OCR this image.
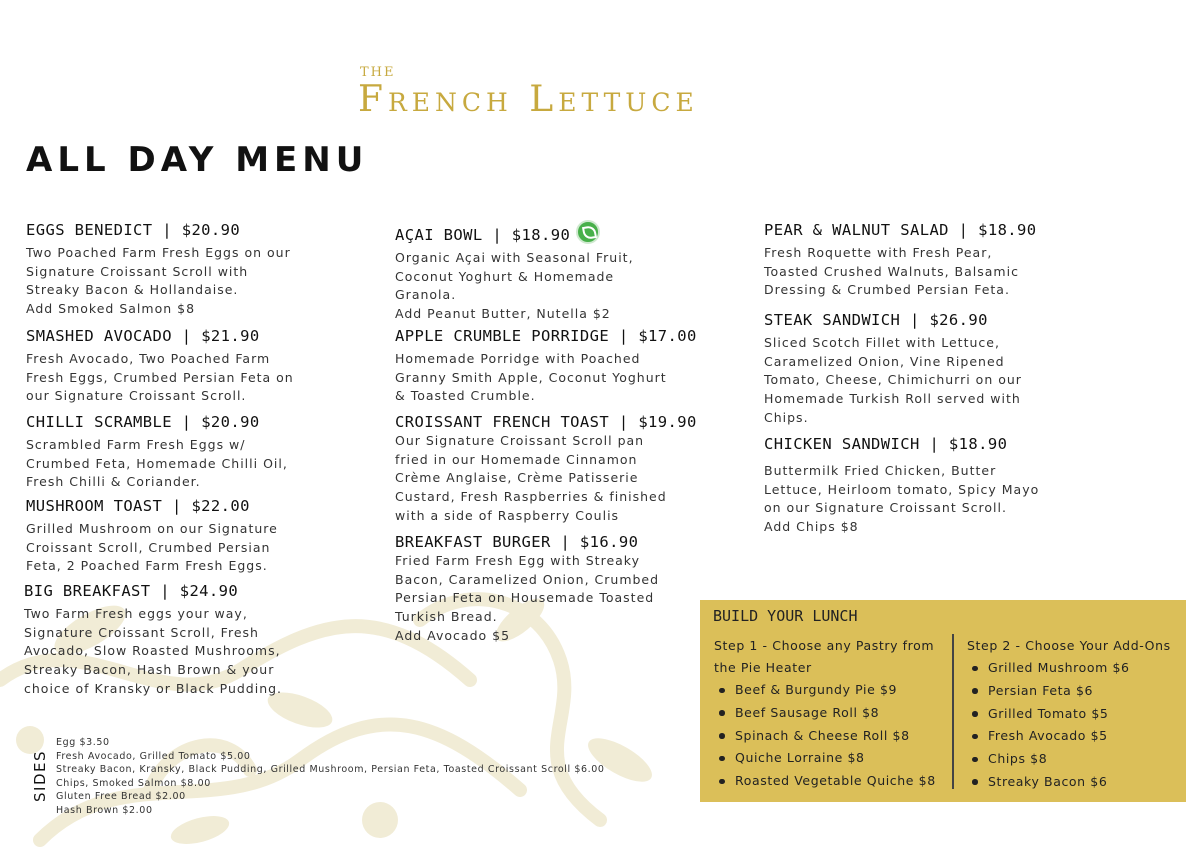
THE
French Lettuce
ALL DAY MENU
EGGS BENEDICT | $20.90
Two Poached Farm Fresh Eggs on our
Signature Croissant Scroll with
Streaky Bacon & Hollandaise.
Add Smoked Salmon $8
SMASHED AVOCADO | $21.90
Fresh Avocado, Two Poached Farm
Fresh Eggs, Crumbed Persian Feta on
our Signature Croissant Scroll.
CHILLI SCRAMBLE | $20.90
Scrambled Farm Fresh Eggs w/
Crumbed Feta, Homemade Chilli Oil,
Fresh Chilli & Coriander.
MUSHROOM TOAST | $22.00
Grilled Mushroom on our Signature
Croissant Scroll, Crumbed Persian
Feta, 2 Poached Farm Fresh Eggs.
BIG BREAKFAST | $24.90
Two Farm Fresh eggs your way,
Signature Croissant Scroll, Fresh
Avocado, Slow Roasted Mushrooms,
Streaky Bacon, Hash Brown & your
choice of Kransky or Black Pudding.
AÇAI BOWL | $18.90
Organic Açai with Seasonal Fruit,
Coconut Yoghurt & Homemade
Granola.
Add Peanut Butter, Nutella $2
APPLE CRUMBLE PORRIDGE | $17.00
Homemade Porridge with Poached
Granny Smith Apple, Coconut Yoghurt
& Toasted Crumble.
CROISSANT FRENCH TOAST | $19.90
Our Signature Croissant Scroll pan
fried in our Homemade Cinnamon
Crème Anglaise, Crème Patisserie
Custard, Fresh Raspberries & finished
with a side of Raspberry Coulis
BREAKFAST BURGER | $16.90
Fried Farm Fresh Egg with Streaky
Bacon, Caramelized Onion, Crumbed
Persian Feta on Housemade Toasted
Turkish Bread.
Add Avocado $5
PEAR & WALNUT SALAD | $18.90
Fresh Roquette with Fresh Pear,
Toasted Crushed Walnuts, Balsamic
Dressing & Crumbed Persian Feta.
STEAK SANDWICH | $26.90
Sliced Scotch Fillet with Lettuce,
Caramelized Onion, Vine Ripened
Tomato, Cheese, Chimichurri on our
Homemade Turkish Roll served with
Chips.
CHICKEN SANDWICH | $18.90
Buttermilk Fried Chicken, Butter
Lettuce, Heirloom tomato, Spicy Mayo
on our Signature Croissant Scroll.
Add Chips $8
SIDES
Egg $3.50
Fresh Avocado, Grilled Tomato $5.00
Streaky Bacon, Kransky, Black Pudding, Grilled Mushroom, Persian Feta, Toasted Croissant Scroll $6.00
Chips, Smoked Salmon $8.00
Gluten Free Bread $2.00
Hash Brown $2.00
BUILD YOUR LUNCH
Step 1 - Choose any Pastry from
the Pie Heater
Beef & Burgundy Pie $9
Beef Sausage Roll $8
Spinach & Cheese Roll $8
Quiche Lorraine $8
Roasted Vegetable Quiche $8
Step 2 - Choose Your Add-Ons
Grilled Mushroom $6
Persian Feta $6
Grilled Tomato $5
Fresh Avocado $5
Chips $8
Streaky Bacon $6
